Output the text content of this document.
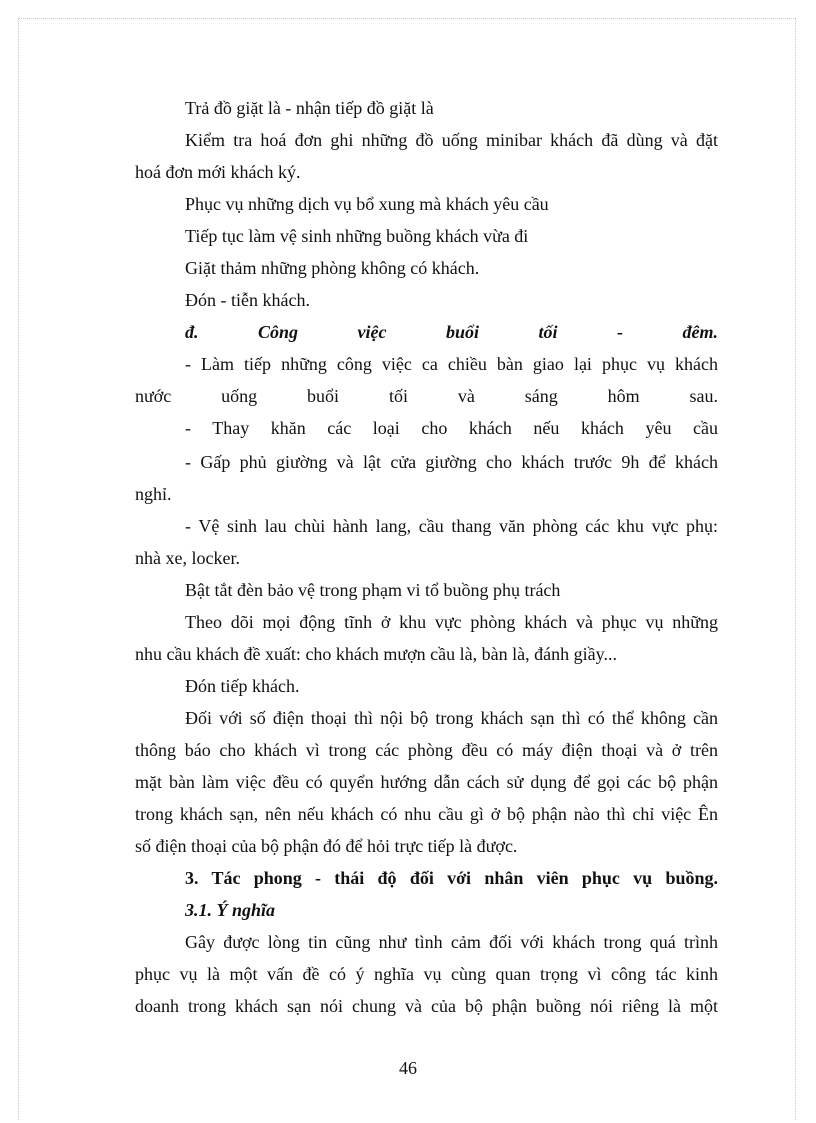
Trả đồ giặt là - nhận tiếp đồ giặt là
Kiểm tra hoá đơn ghi những đồ uống minibar khách đã dùng và đặt
hoá đơn mới khách ký.
Phục vụ những dịch vụ bổ xung mà khách yêu cầu
Tiếp tục làm vệ sinh những buồng khách vừa đi
Giặt thảm những phòng không có khách.
Đón - tiễn khách.
đ. Công việc buổi tối - đêm.
- Làm tiếp những công việc ca chiều bàn giao lại phục vụ khách
nước uống buổi tối và sáng hôm sau.
- Thay khăn các loại cho khách nếu khách yêu cầu
- Gấp phủ giường và lật cửa giường cho khách trước 9h để khách
nghỉ.
- Vệ sinh lau chùi hành lang, cầu thang văn phòng các khu vực phụ:
nhà xe, locker.
Bật tắt đèn bảo vệ trong phạm vi tổ buồng phụ trách
Theo dõi mọi động tĩnh ở khu vực phòng khách và phục vụ những
nhu cầu khách đề xuất: cho khách mượn cầu là, bàn là, đánh giầy...
Đón tiếp khách.
Đối với số điện thoại thì nội bộ trong khách sạn thì có thể không cần
thông báo cho khách vì trong các phòng đều có máy điện thoại và ở trên
mặt bàn làm việc đều có quyển hướng dẫn cách sử dụng để gọi các bộ phận
trong khách sạn, nên nếu khách có nhu cầu gì ở bộ phận nào thì chỉ việc Ên
số điện thoại của bộ phận đó để hỏi trực tiếp là được.
3. Tác phong - thái độ đối với nhân viên phục vụ buồng.
3.1. Ý nghĩa
Gây được lòng tin cũng như tình cảm đối với khách trong quá trình
phục vụ là một vấn đề có ý nghĩa vụ cùng quan trọng vì công tác kinh
doanh trong khách sạn nói chung và của bộ phận buồng nói riêng là một
46
